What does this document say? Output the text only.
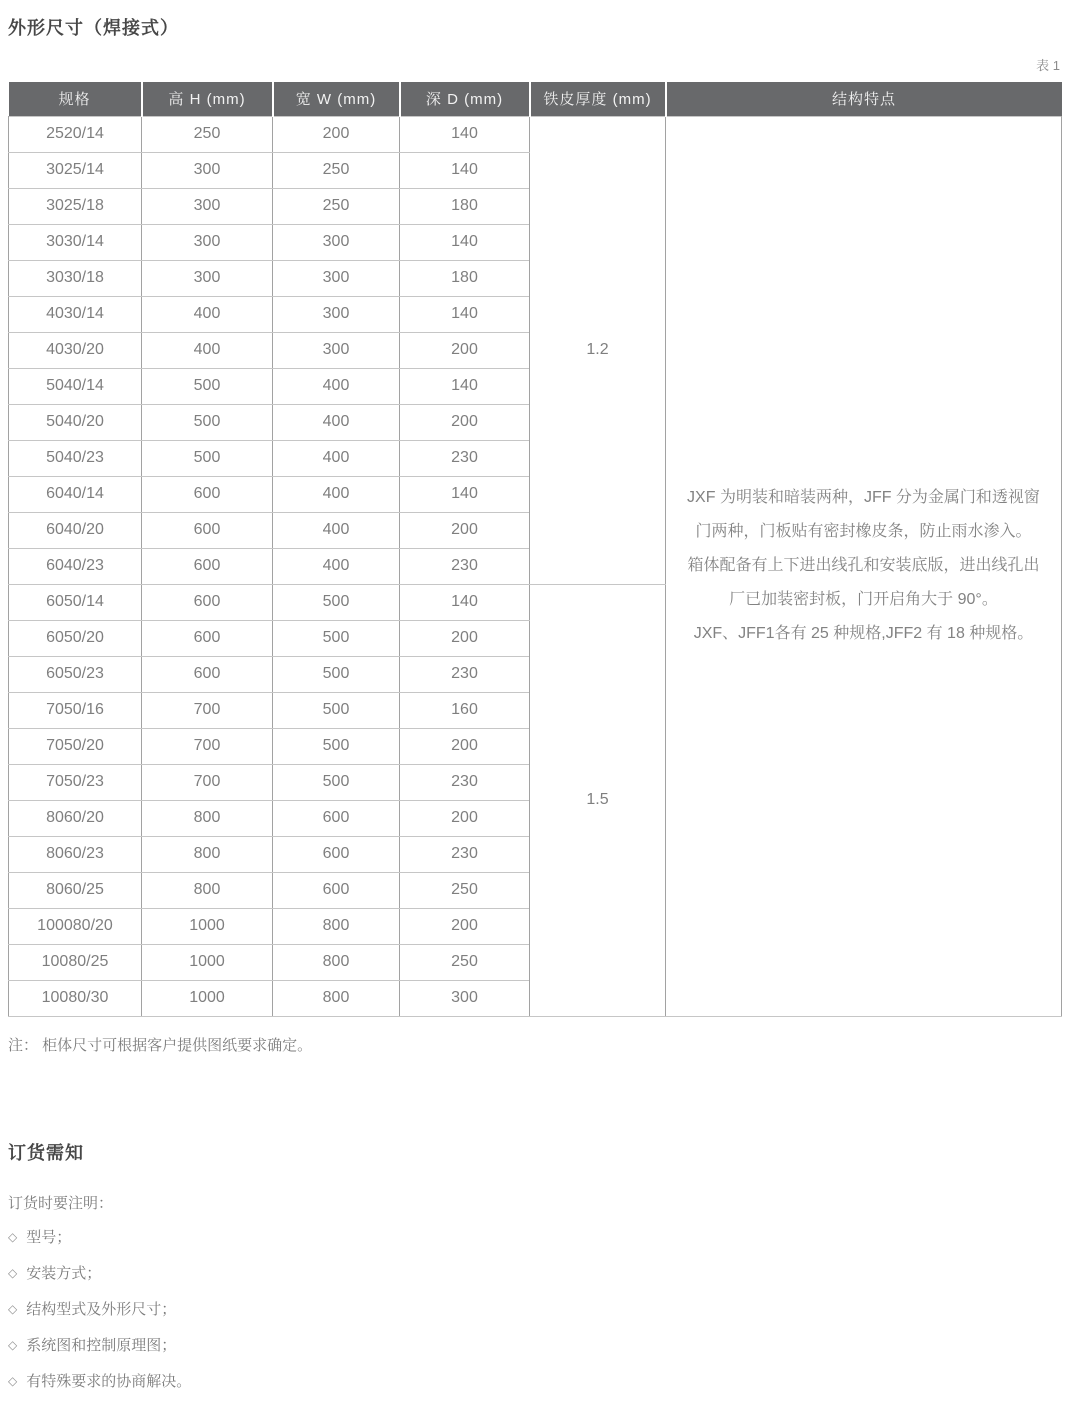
外形尺寸（焊接式）
表 1
规格	高 H (mm)	宽 W (mm)	深 D (mm)	铁皮厚度 (mm)	结构特点
2520/14	250	200	140	1.2	JXF 为明装和暗装两种，JFF 分为金属门和透视窗门两种，门板贴有密封橡皮条，防止雨水渗入。
箱体配备有上下进出线孔和安装底版，进出线孔出厂已加装密封板，门开启角大于 90°。
JXF、JFF1各有 25 种规格,JFF2 有 18 种规格。

3025/14	300	250	140		
3025/18	300	250	180		
3030/14	300	300	140		
3030/18	300	300	180		
4030/14	400	300	140		
4030/20	400	300	200		
5040/14	500	400	140		
5040/20	500	400	200		
5040/23	500	400	230		
6040/14	600	400	140		
6040/20	600	400	200		
6040/23	600	400	230		
6050/14	600	500	140	1.5	
6050/20	600	500	200		
6050/23	600	500	230		
7050/16	700	500	160		
7050/20	700	500	200		
7050/23	700	500	230		
8060/20	800	600	200		
8060/23	800	600	230		
8060/25	800	600	250		
100080/20	1000	800	200		
10080/25	1000	800	250		
10080/30	1000	800	300		
注： 柜体尺寸可根据客户提供图纸要求确定。
订货需知
订货时要注明：
◇ 型号；
◇ 安装方式；
◇ 结构型式及外形尺寸；
◇ 系统图和控制原理图；
◇ 有特殊要求的协商解决。
